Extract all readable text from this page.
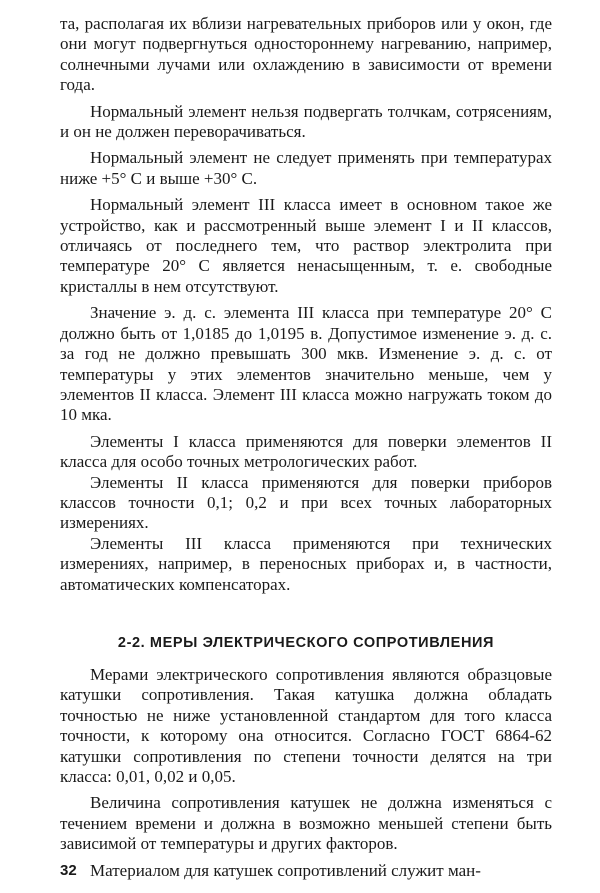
та, располагая их вблизи нагревательных приборов или у окон, где они могут подвергнуться одностороннему нагреванию, например, солнечными лучами или охлаждению в зависимости от времени года.

Нормальный элемент нельзя подвергать толчкам, сотрясениям, и он не должен переворачиваться.

Нормальный элемент не следует применять при температурах ниже +5° С и выше +30° С.

Нормальный элемент III класса имеет в основном такое же устройство, как и рассмотренный выше элемент I и II классов, отличаясь от последнего тем, что раствор электролита при температуре 20° С является ненасыщенным, т. е. свободные кристаллы в нем отсутствуют.

Значение э. д. с. элемента III класса при температуре 20° С должно быть от 1,0185 до 1,0195 в. Допустимое изменение э. д. с. за год не должно превышать 300 мкв. Изменение э. д. с. от температуры у этих элементов значительно меньше, чем у элементов II класса. Элемент III класса можно нагружать током до 10 мка.

Элементы I класса применяются для поверки элементов II класса для особо точных метрологических работ.

Элементы II класса применяются для поверки приборов классов точности 0,1; 0,2 и при всех точных лабораторных измерениях.

Элементы III класса применяются при технических измерениях, например, в переносных приборах и, в частности, автоматических компенсаторах.

2-2. МЕРЫ ЭЛЕКТРИЧЕСКОГО СОПРОТИВЛЕНИЯ

Мерами электрического сопротивления являются образцовые катушки сопротивления. Такая катушка должна обладать точностью не ниже установленной стандартом для того класса точности, к которому она относится. Согласно ГОСТ 6864-62 катушки сопротивления по степени точности делятся на три класса: 0,01, 0,02 и 0,05.

Величина сопротивления катушек не должна изменяться с течением времени и должна в возможно меньшей степени быть зависимой от температуры и других факторов.

Материалом для катушек сопротивлений служит ман-

32
